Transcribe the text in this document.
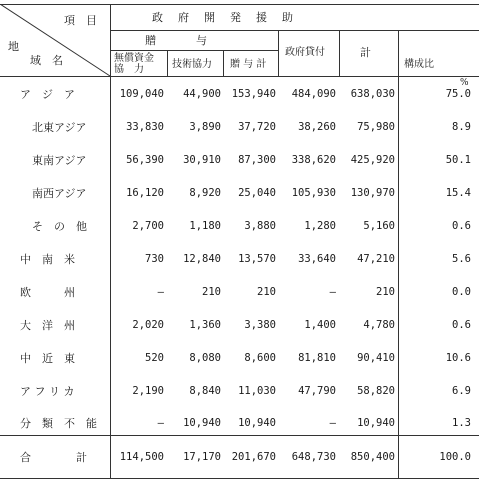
項　目
地
域　名
政　府　開　発　援　助
贈　　与
無償資金
協　力	技術協力 贈 与 計
政府貸付	計
構成比
%
ア　ジ　ア	109,040 44,900 153,940 484,090 638,030	75.0
北東アジア	33,830 3,890 37,720 38,260 75,980	8.9
東南アジア	56,390 30,910 87,300 338,620 425,920	50.1
南西アジア	16,120 8,920 25,040 105,930 130,970	15.4
そ　の　他	2,700 1,180 3,880	1,280	5,160	0.6
中　南　米	730 12,840 13,570 33,640 47,210	5.6
欧　　　州	—	210	210	—	210	0.0
大　洋　州	2,020 1,360 3,380	1,400	4,780	0.6
中　近　東	520 8,080 8,600 81,810 90,410	10.6
ア フ リ カ	2,190 8,840 11,030 47,790 58,820	6.9
分　類　不　能	— 10,940 10,940	— 10,940	1.3
合　　　計	114,500 17,170 201,670 648,730 850,400	100.0
